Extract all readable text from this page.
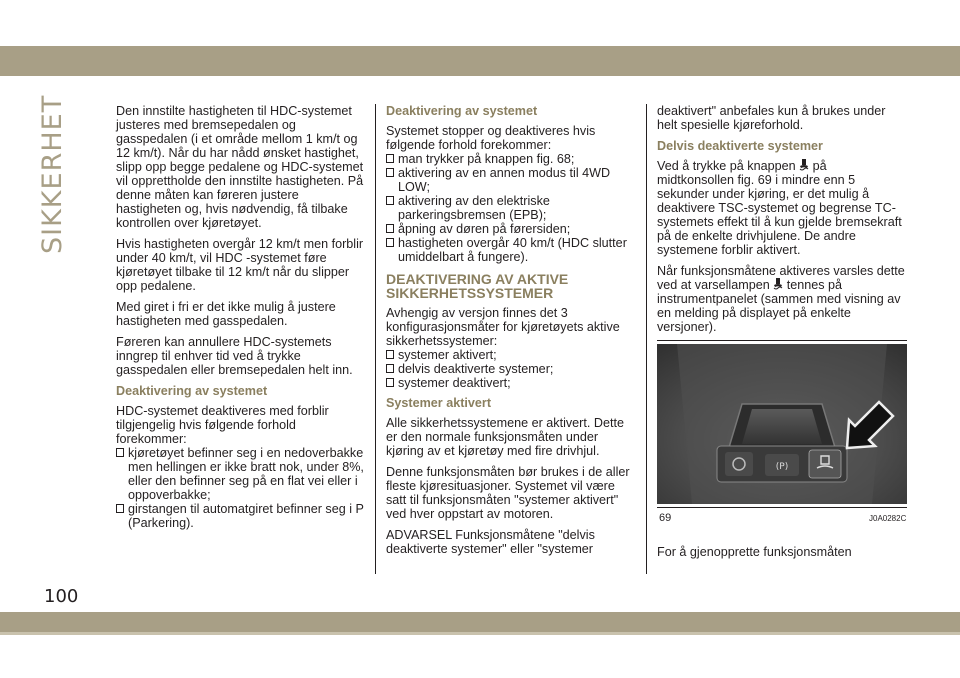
SIKKERHET	Den innstilte hastigheten til HDC-systemet justeres med bremsepedalen og gasspedalen (i et område mellom 1 km/t og 12 km/t). Når du har nådd ønsket hastighet, slipp opp begge pedalene og HDC-systemet vil opprettholde den innstilte hastigheten. På denne måten kan føreren justere hastigheten og, hvis nødvendig, få tilbake kontrollen over kjøretøyet.

Hvis hastigheten overgår 12 km/t men forblir under 40 km/t, vil HDC -systemet føre kjøretøyet tilbake til 12 km/t når du slipper opp pedalene.

Med giret i fri er det ikke mulig å justere hastigheten med gasspedalen.

Føreren kan annullere HDC-systemets inngrep til enhver tid ved å trykke gasspedalen eller bremsepedalen helt inn.

Deaktivering av systemet

HDC-systemet deaktiveres med forblir tilgjengelig hvis følgende forhold forekommer:

kjøretøyet befinner seg i en nedoverbakke men hellingen er ikke bratt nok, under 8%, eller den befinner seg på en flat vei eller i oppoverbakke;
girstangen til automatgiret befinner seg i P (Parkering).
Deaktivering av systemet

Systemet stopper og deaktiveres hvis følgende forhold forekommer:

man trykker på knappen fig. 68;
aktivering av en annen modus til 4WD LOW;
aktivering av den elektriske parkeringsbremsen (EPB);
åpning av døren på førersiden;
hastigheten overgår 40 km/t (HDC slutter umiddelbart å fungere).
DEAKTIVERING AV AKTIVE SIKKERHETSSYSTEMER

Avhengig av versjon finnes det 3 konfigurasjonsmåter for kjøretøyets aktive sikkerhetssystemer:

systemer aktivert;
delvis deaktiverte systemer;
systemer deaktivert;
Systemer aktivert

Alle sikkerhetssystemene er aktivert. Dette er den normale funksjonsmåten under kjøring av et kjøretøy med fire drivhjul.

Denne funksjonsmåten bør brukes i de aller fleste kjøresituasjoner. Systemet vil være satt til funksjonsmåten "systemer aktivert" ved hver oppstart av motoren.

ADVARSEL Funksjonsmåtene "delvis deaktiverte systemer" eller "systemer

deaktivert" anbefales kun å brukes under helt spesielle kjøreforhold.

Delvis deaktiverte systemer

Ved å trykke på knappen  på midtkonsollen fig. 69 i mindre enn 5 sekunder under kjøring, er det mulig å deaktivere TSC-systemet og begrense TC-systemets effekt til å kun gjelde bremsekraft på de enkelte drivhjulene. De andre systemene forblir aktivert.

Når funksjonsmåtene aktiveres varsles dette ved at varsellampen  tennes på instrumentpanelet (sammen med visning av en melding på displayet på enkelte versjoner).

(P)
69	J0A0282C
For å gjenopprette funksjonsmåten
100
